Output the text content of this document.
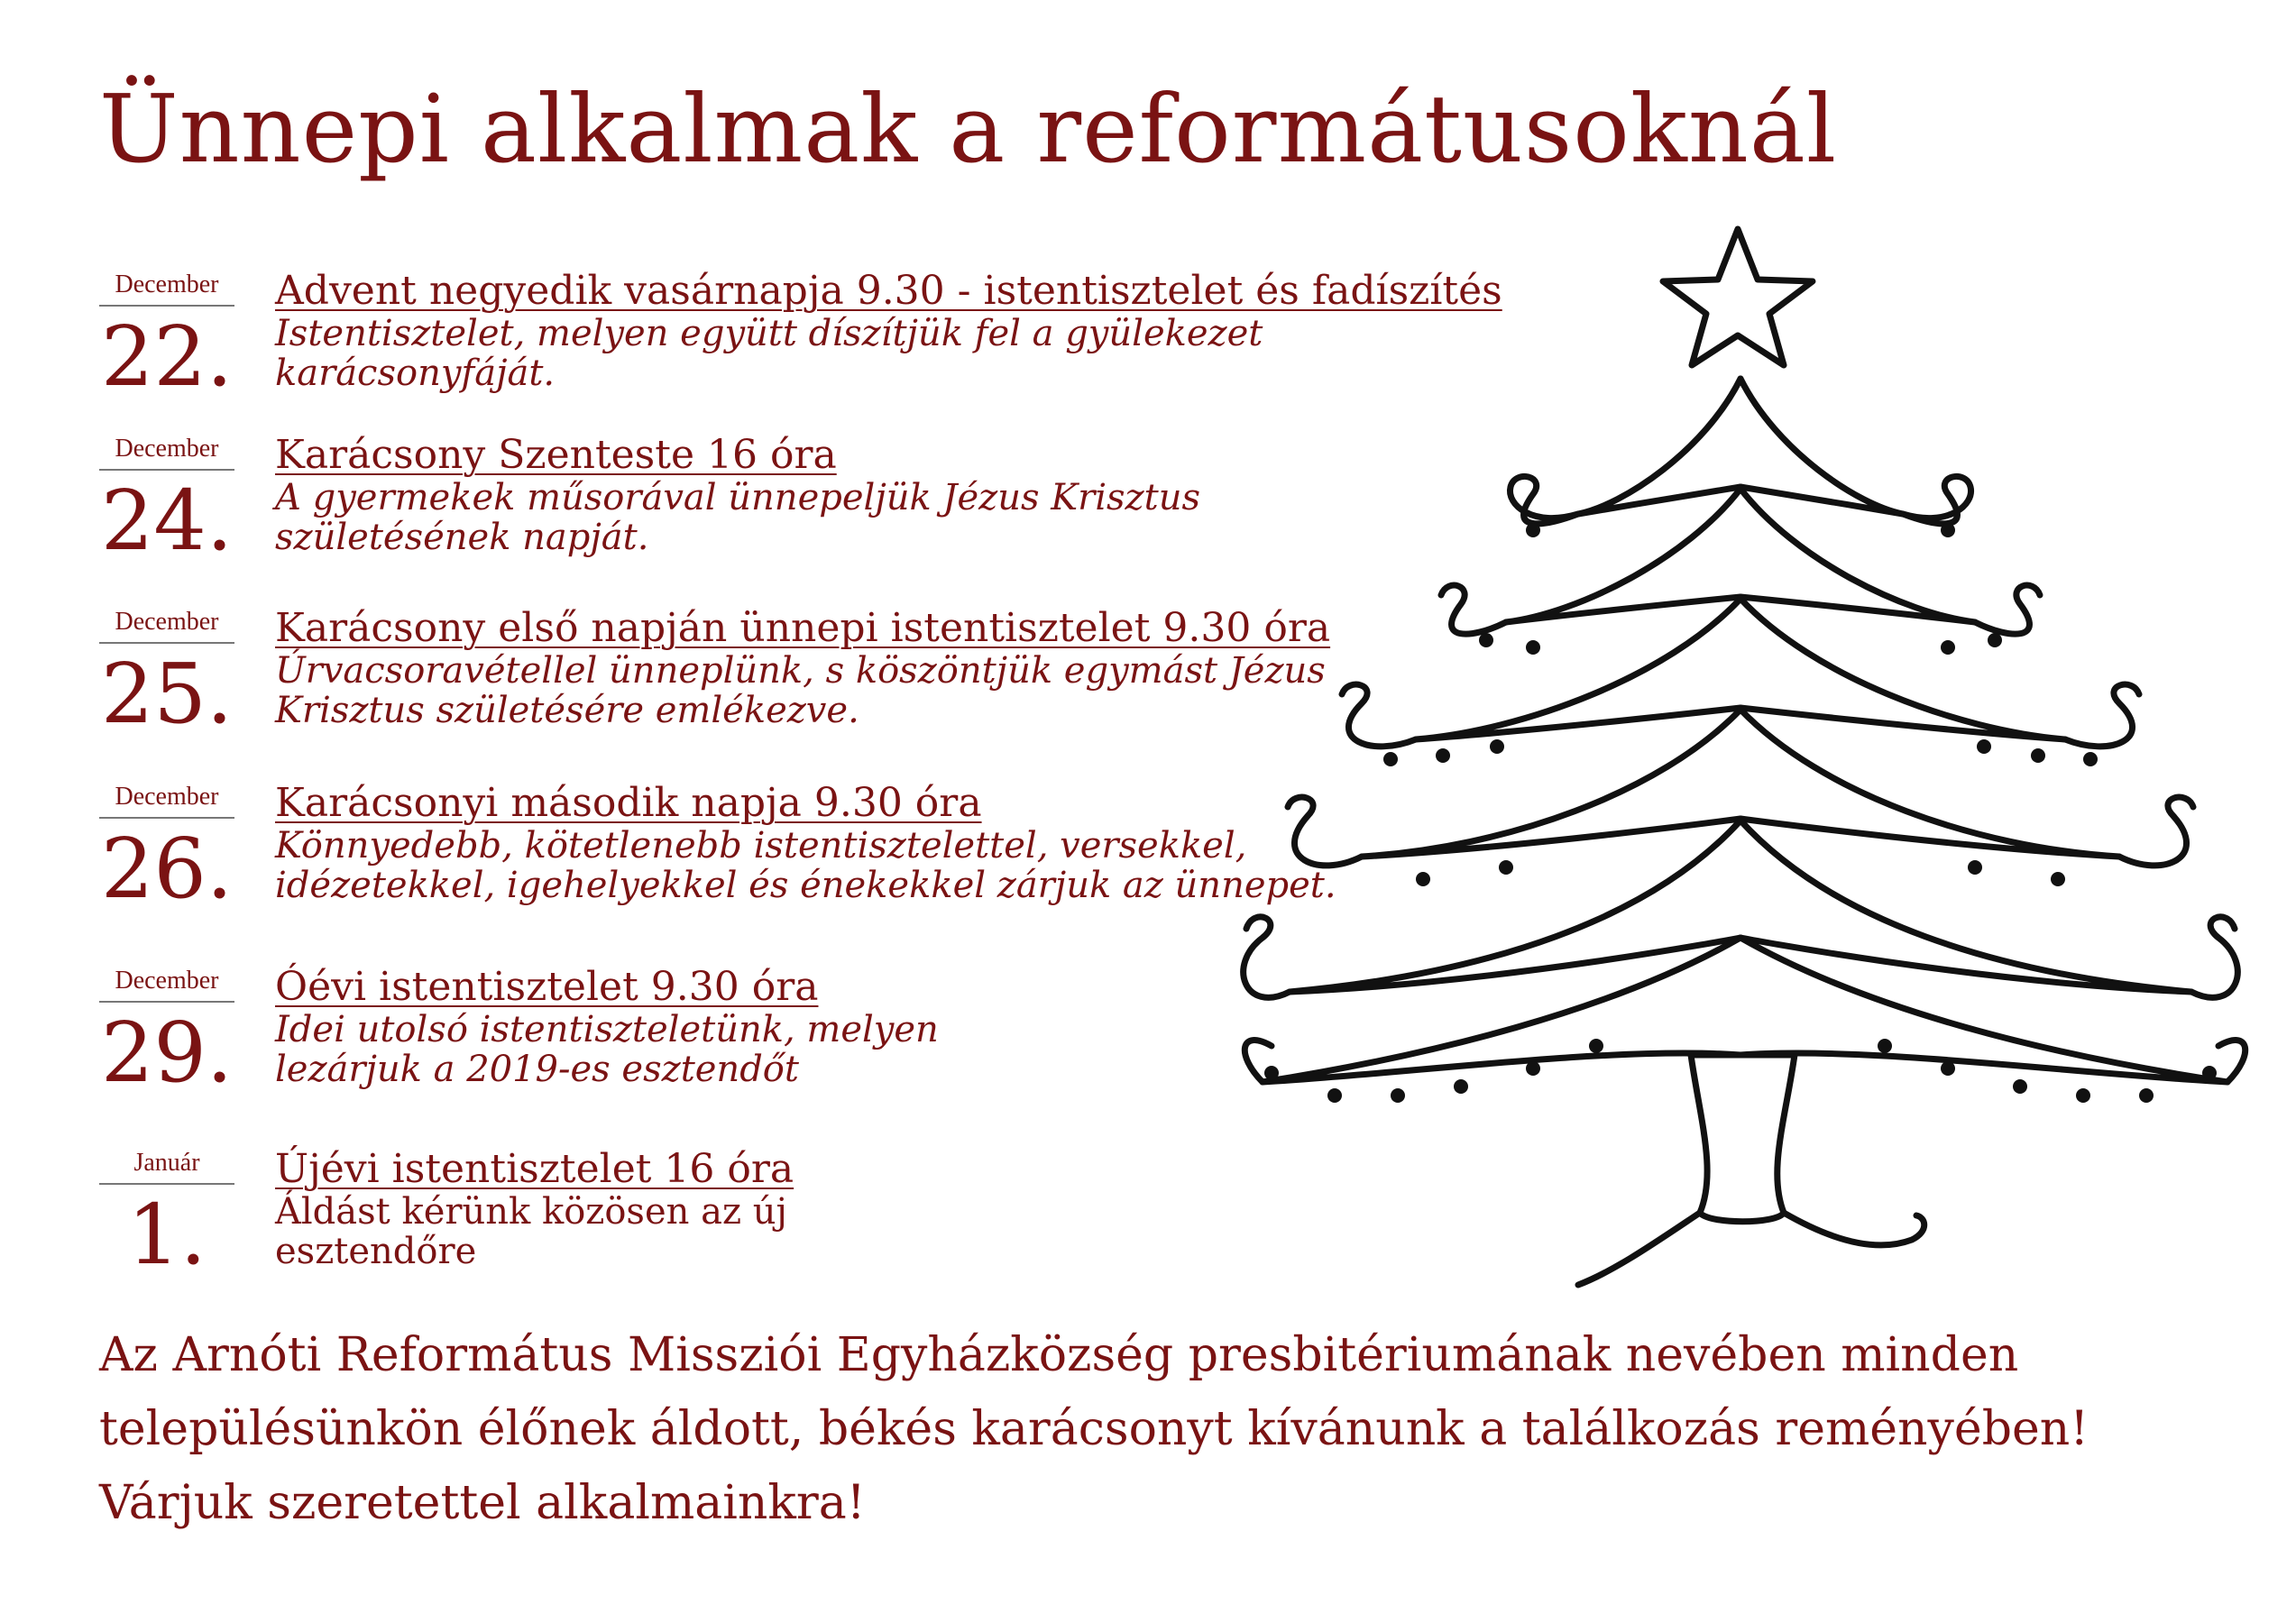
Ünnepi alkalmak a reformátusoknál
December
22.
Advent negyedik vasárnapja 9.30 - istentisztelet és fadíszítés
Istentisztelet, melyen együtt díszítjük fel a gyülekezet karácsonyfáját.
December
24.
Karácsony Szenteste 16 óra
A gyermekek műsorával ünnepeljük Jézus Krisztus
születésének napját.
December
25.
Karácsony első napján ünnepi istentisztelet 9.30 óra
Úrvacsoravétellel ünneplünk, s köszöntjük egymást Jézus
Krisztus születésére emlékezve.
December
26.
Karácsonyi második napja 9.30 óra
Könnyedebb, kötetlenebb istentisztelettel, versekkel,
idézetekkel, igehelyekkel és énekekkel zárjuk az ünnepet.
December
29.
Óévi istentisztelet 9.30 óra
Idei utolsó istentiszteletünk, melyen
lezárjuk a 2019-es esztendőt
Január
1.
Újévi istentisztelet 16 óra
Áldást kérünk közösen az új
esztendőre
Az Arnóti Református Missziói Egyházközség presbitériumának nevében minden
településünkön élőnek áldott, békés karácsonyt kívánunk a találkozás reményében!
Várjuk szeretettel alkalmainkra!
